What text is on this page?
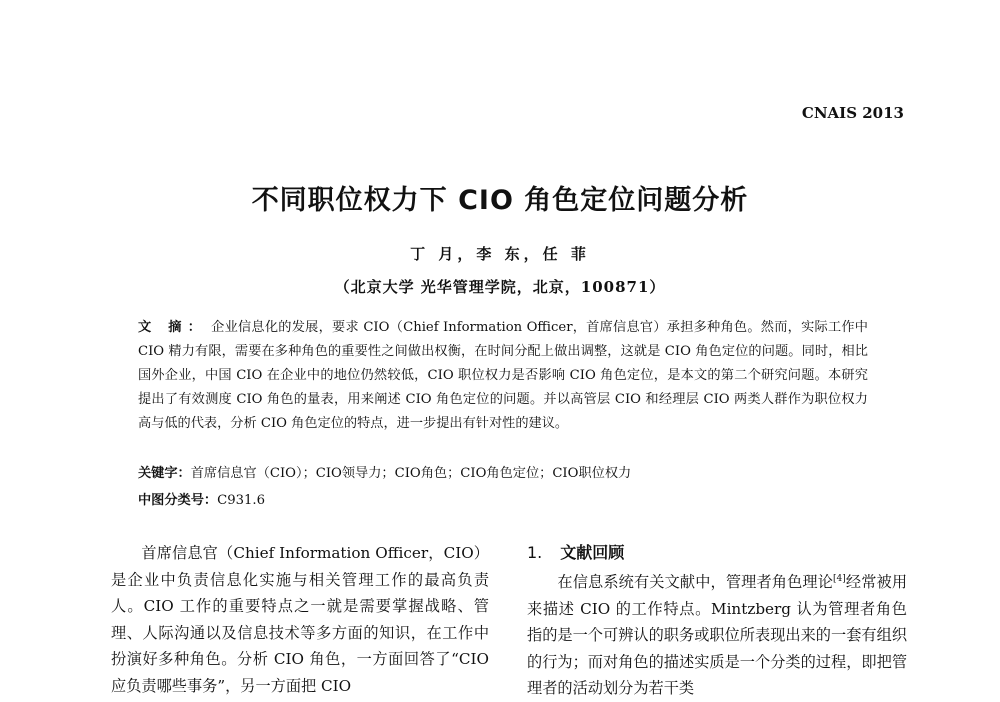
CNAIS 2013
不同职位权力下 CIO 角色定位问题分析
丁 月，李 东，任 菲
（北京大学 光华管理学院，北京，100871）
文 摘： 企业信息化的发展，要求 CIO（Chief Information Officer，首席信息官）承担多种角色。然而，实际工作中 CIO 精力有限，需要在多种角色的重要性之间做出权衡，在时间分配上做出调整，这就是 CIO 角色定位的问题。同时，相比国外企业，中国 CIO 在企业中的地位仍然较低，CIO 职位权力是否影响 CIO 角色定位，是本文的第二个研究问题。本研究提出了有效测度 CIO 角色的量表，用来阐述 CIO 角色定位的问题。并以高管层 CIO 和经理层 CIO 两类人群作为职位权力高与低的代表，分析 CIO 角色定位的特点，进一步提出有针对性的建议。
关键字：首席信息官（CIO）；CIO领导力；CIO角色；CIO角色定位；CIO职位权力
中图分类号：C931.6
首席信息官（Chief Information Officer，CIO）是企业中负责信息化实施与相关管理工作的最高负责人。CIO 工作的重要特点之一就是需要掌握战略、管理、人际沟通以及信息技术等多方面的知识，在工作中扮演好多种角色。分析 CIO 角色，一方面回答了“CIO 应负责哪些事务”，另一方面把 CIO
1. 文献回顾
在信息系统有关文献中，管理者角色理论[4]经常被用来描述 CIO 的工作特点。Mintzberg 认为管理者角色指的是一个可辨认的职务或职位所表现出来的一套有组织的行为；而对角色的描述实质是一个分类的过程，即把管理者的活动划分为若干类
